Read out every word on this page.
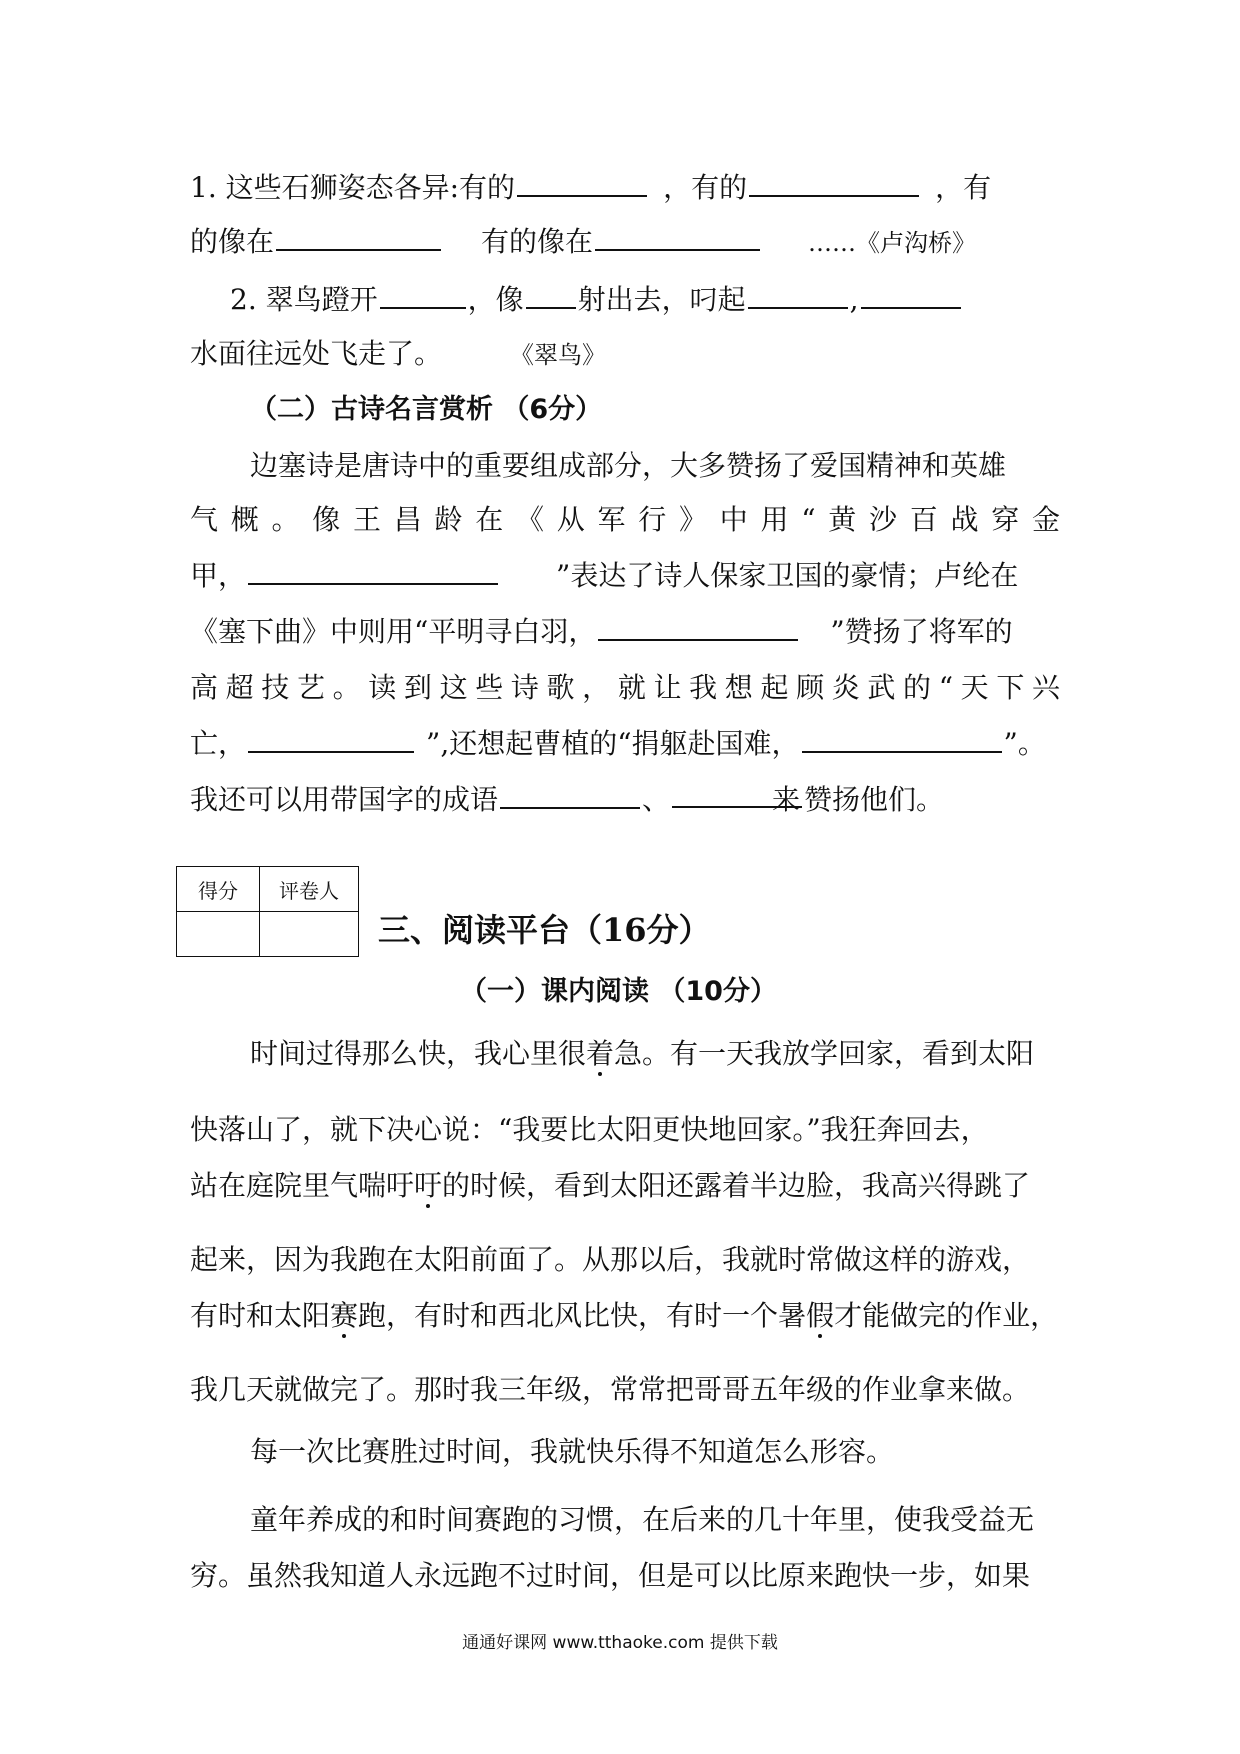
1. 这些石狮姿态各异:有的	，有的	，有
的像在	有的像在	……《卢沟桥》
2. 翠鸟蹬开	，像 射出去，叼起	,
水面往远处飞走了。	《翠鸟》
（二）古诗名言赏析 （6分）
边塞诗是唐诗中的重要组成部分，大多赞扬了爱国精神和英雄
气概。像王昌龄在《从军行》中用“黄沙百战穿金
甲，	”表达了诗人保家卫国的豪情；卢纶在
《塞下曲》中则用“平明寻白羽，	”赞扬了将军的
高超技艺。读到这些诗歌，就让我想起顾炎武的“天下兴
亡，	”,还想起曹植的“捐躯赴国难，	”。
我还可以用带国字的成语	、	来 赞扬他们。
得分	评卷人

三、阅读平台（16分）
（一）课内阅读 （10分）
时间过得那么快，我心里很着急。有一天我放学回家，看到太阳
快落山了，就下决心说：“我要比太阳更快地回家。”我狂奔回去，
站在庭院里气喘吁吁的时候，看到太阳还露着半边脸，我高兴得跳了
起来，因为我跑在太阳前面了。从那以后，我就时常做这样的游戏，
有时和太阳赛跑，有时和西北风比快，有时一个暑假才能做完的作业，
我几天就做完了。那时我三年级，常常把哥哥五年级的作业拿来做。
每一次比赛胜过时间，我就快乐得不知道怎么形容。
童年养成的和时间赛跑的习惯，在后来的几十年里，使我受益无
穷。虽然我知道人永远跑不过时间，但是可以比原来跑快一步，如果
通通好课网 www.tthaoke.com 提供下载
